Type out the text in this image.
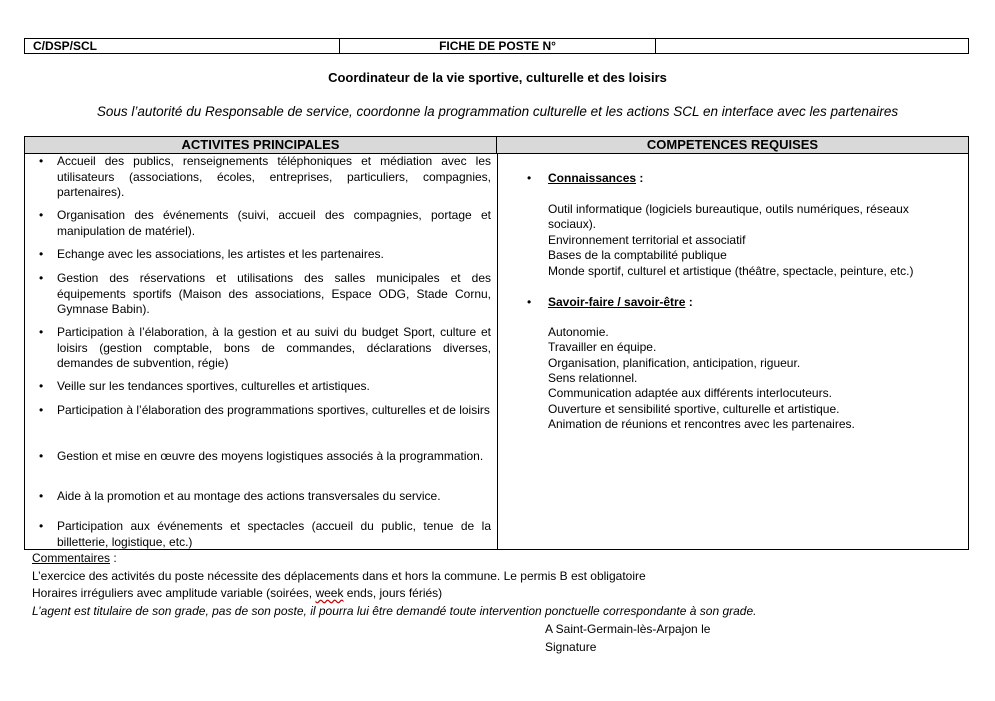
C/DSP/SCL	FICHE DE POSTE N°
Coordinateur de la vie sportive, culturelle et des loisirs
Sous l’autorité du Responsable de service, coordonne la programmation culturelle et les actions SCL en interface avec les partenaires
ACTIVITES PRINCIPALES	COMPETENCES REQUISES
• Accueil des publics, renseignements téléphoniques et médiation avec les utilisateurs (associations, écoles, entreprises, particuliers, compagnies, partenaires).
• Organisation des événements (suivi, accueil des compagnies, portage et manipulation de matériel).
• Echange avec les associations, les artistes et les partenaires.
• Gestion des réservations et utilisations des salles municipales et des équipements sportifs (Maison des associations, Espace ODG, Stade Cornu, Gymnase Babin).
• Participation à l’élaboration, à la gestion et au suivi du budget Sport, culture et loisirs (gestion comptable, bons de commandes, déclarations diverses, demandes de subvention, régie)
• Veille sur les tendances sportives, culturelles et artistiques.
• Participation à l’élaboration des programmations sportives, culturelles et de loisirs
• Gestion et mise en œuvre des moyens logistiques associés à la programmation.
• Aide à la promotion et au montage des actions transversales du service.
• Participation aux événements et spectacles (accueil du public, tenue de la billetterie, logistique, etc.)
• Connaissances :
Outil informatique (logiciels bureautique, outils numériques, réseaux
sociaux).
Environnement territorial et associatif
Bases de la comptabilité publique
Monde sportif, culturel et artistique (théâtre, spectacle, peinture, etc.)
• Savoir-faire / savoir-être :
Autonomie.
Travailler en équipe.
Organisation, planification, anticipation, rigueur.
Sens relationnel.
Communication adaptée aux différents interlocuteurs.
Ouverture et sensibilité sportive, culturelle et artistique.
Animation de réunions et rencontres avec les partenaires.
Commentaires :
L’exercice des activités du poste nécessite des déplacements dans et hors la commune. Le permis B est obligatoire
Horaires irréguliers avec amplitude variable (soirées, week ends, jours fériés)
L’agent est titulaire de son grade, pas de son poste, il pourra lui être demandé toute intervention ponctuelle correspondante à son grade.
A Saint-Germain-lès-Arpajon le
Signature
